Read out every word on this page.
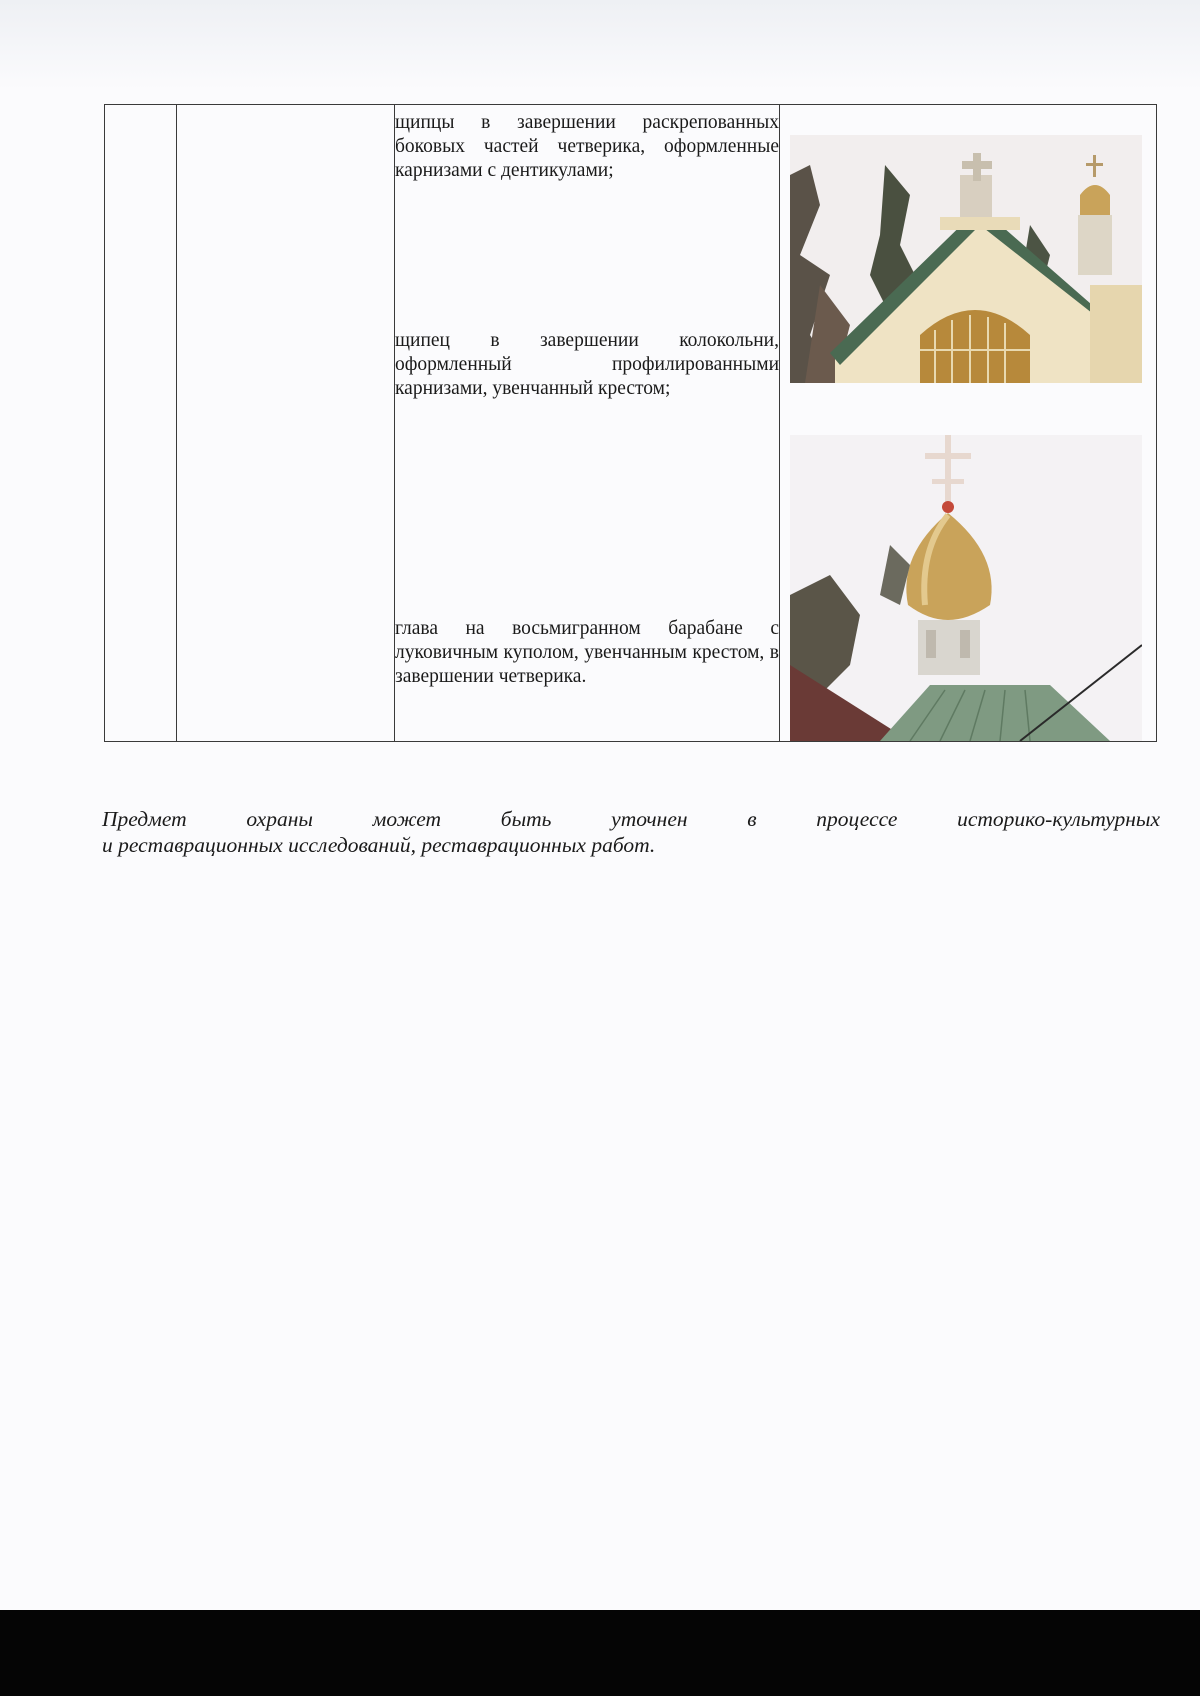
щипцы в завершении раскрепованных боковых частей четверика, оформленные карнизами с дентикулами;

щипец в завершении колокольни, оформленный профилированными карнизами, увенчанный крестом;

глава на восьмигранном барабане с луковичным куполом, увенчанным крестом, в завершении четверика.

Предмет охраны может быть уточнен в процессе историко-культурных
и реставрационных исследований, реставрационных работ.
